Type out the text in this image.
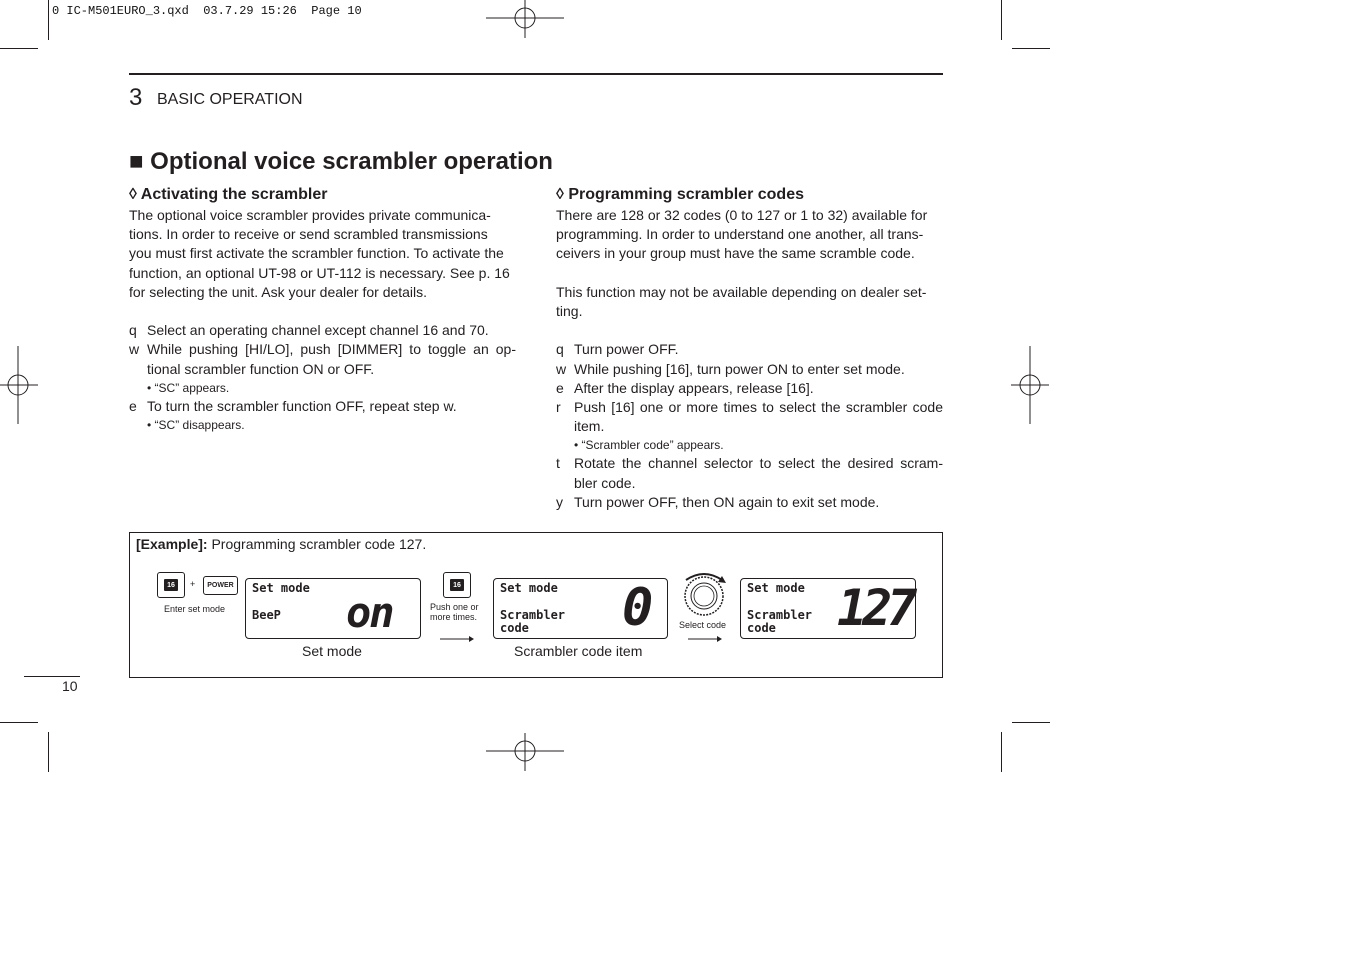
0 IC-M501EURO_3.qxd  03.7.29 15:26  Page 10
3 BASIC OPERATION
■ Optional voice scrambler operation
◊ Activating the scrambler

The optional voice scrambler provides private communica-

tions. In order to receive or send scrambled transmissions

you must first activate the scrambler function. To activate the

function, an optional UT-98 or UT-112 is necessary. See p. 16

for selecting the unit. Ask your dealer for details.

q Select an operating channel except channel 16 and 70.

w While pushing [HI/LO], push [DIMMER] to toggle an op-tional scrambler function ON or OFF.

• “SC” appears.
e To turn the scrambler function OFF, repeat step w.

• “SC” disappears.
◊ Programming scrambler codes

There are 128 or 32 codes (0 to 127 or 1 to 32) available for

programming. In order to understand one another, all trans-

ceivers in your group must have the same scramble code.

This function may not be available depending on dealer set-

ting.

q Turn power OFF.

w While pushing [16], turn power ON to enter set mode.

e After the display appears, release [16].

r Push [16] one or more times to select the scrambler code item.

• “Scrambler code” appears.
t Rotate the channel selector to select the desired scram-bler code.

y Turn power OFF, then ON again to exit set mode.

[Example]: Programming scrambler code 127.
16	+	POWER
Enter set mode
Set mode
BeeP on
Set mode
16
Push one or
more times.
Set mode
Scrambler
code	0
Scrambler code item
Select code
Set mode
Scrambler
code	127
10
